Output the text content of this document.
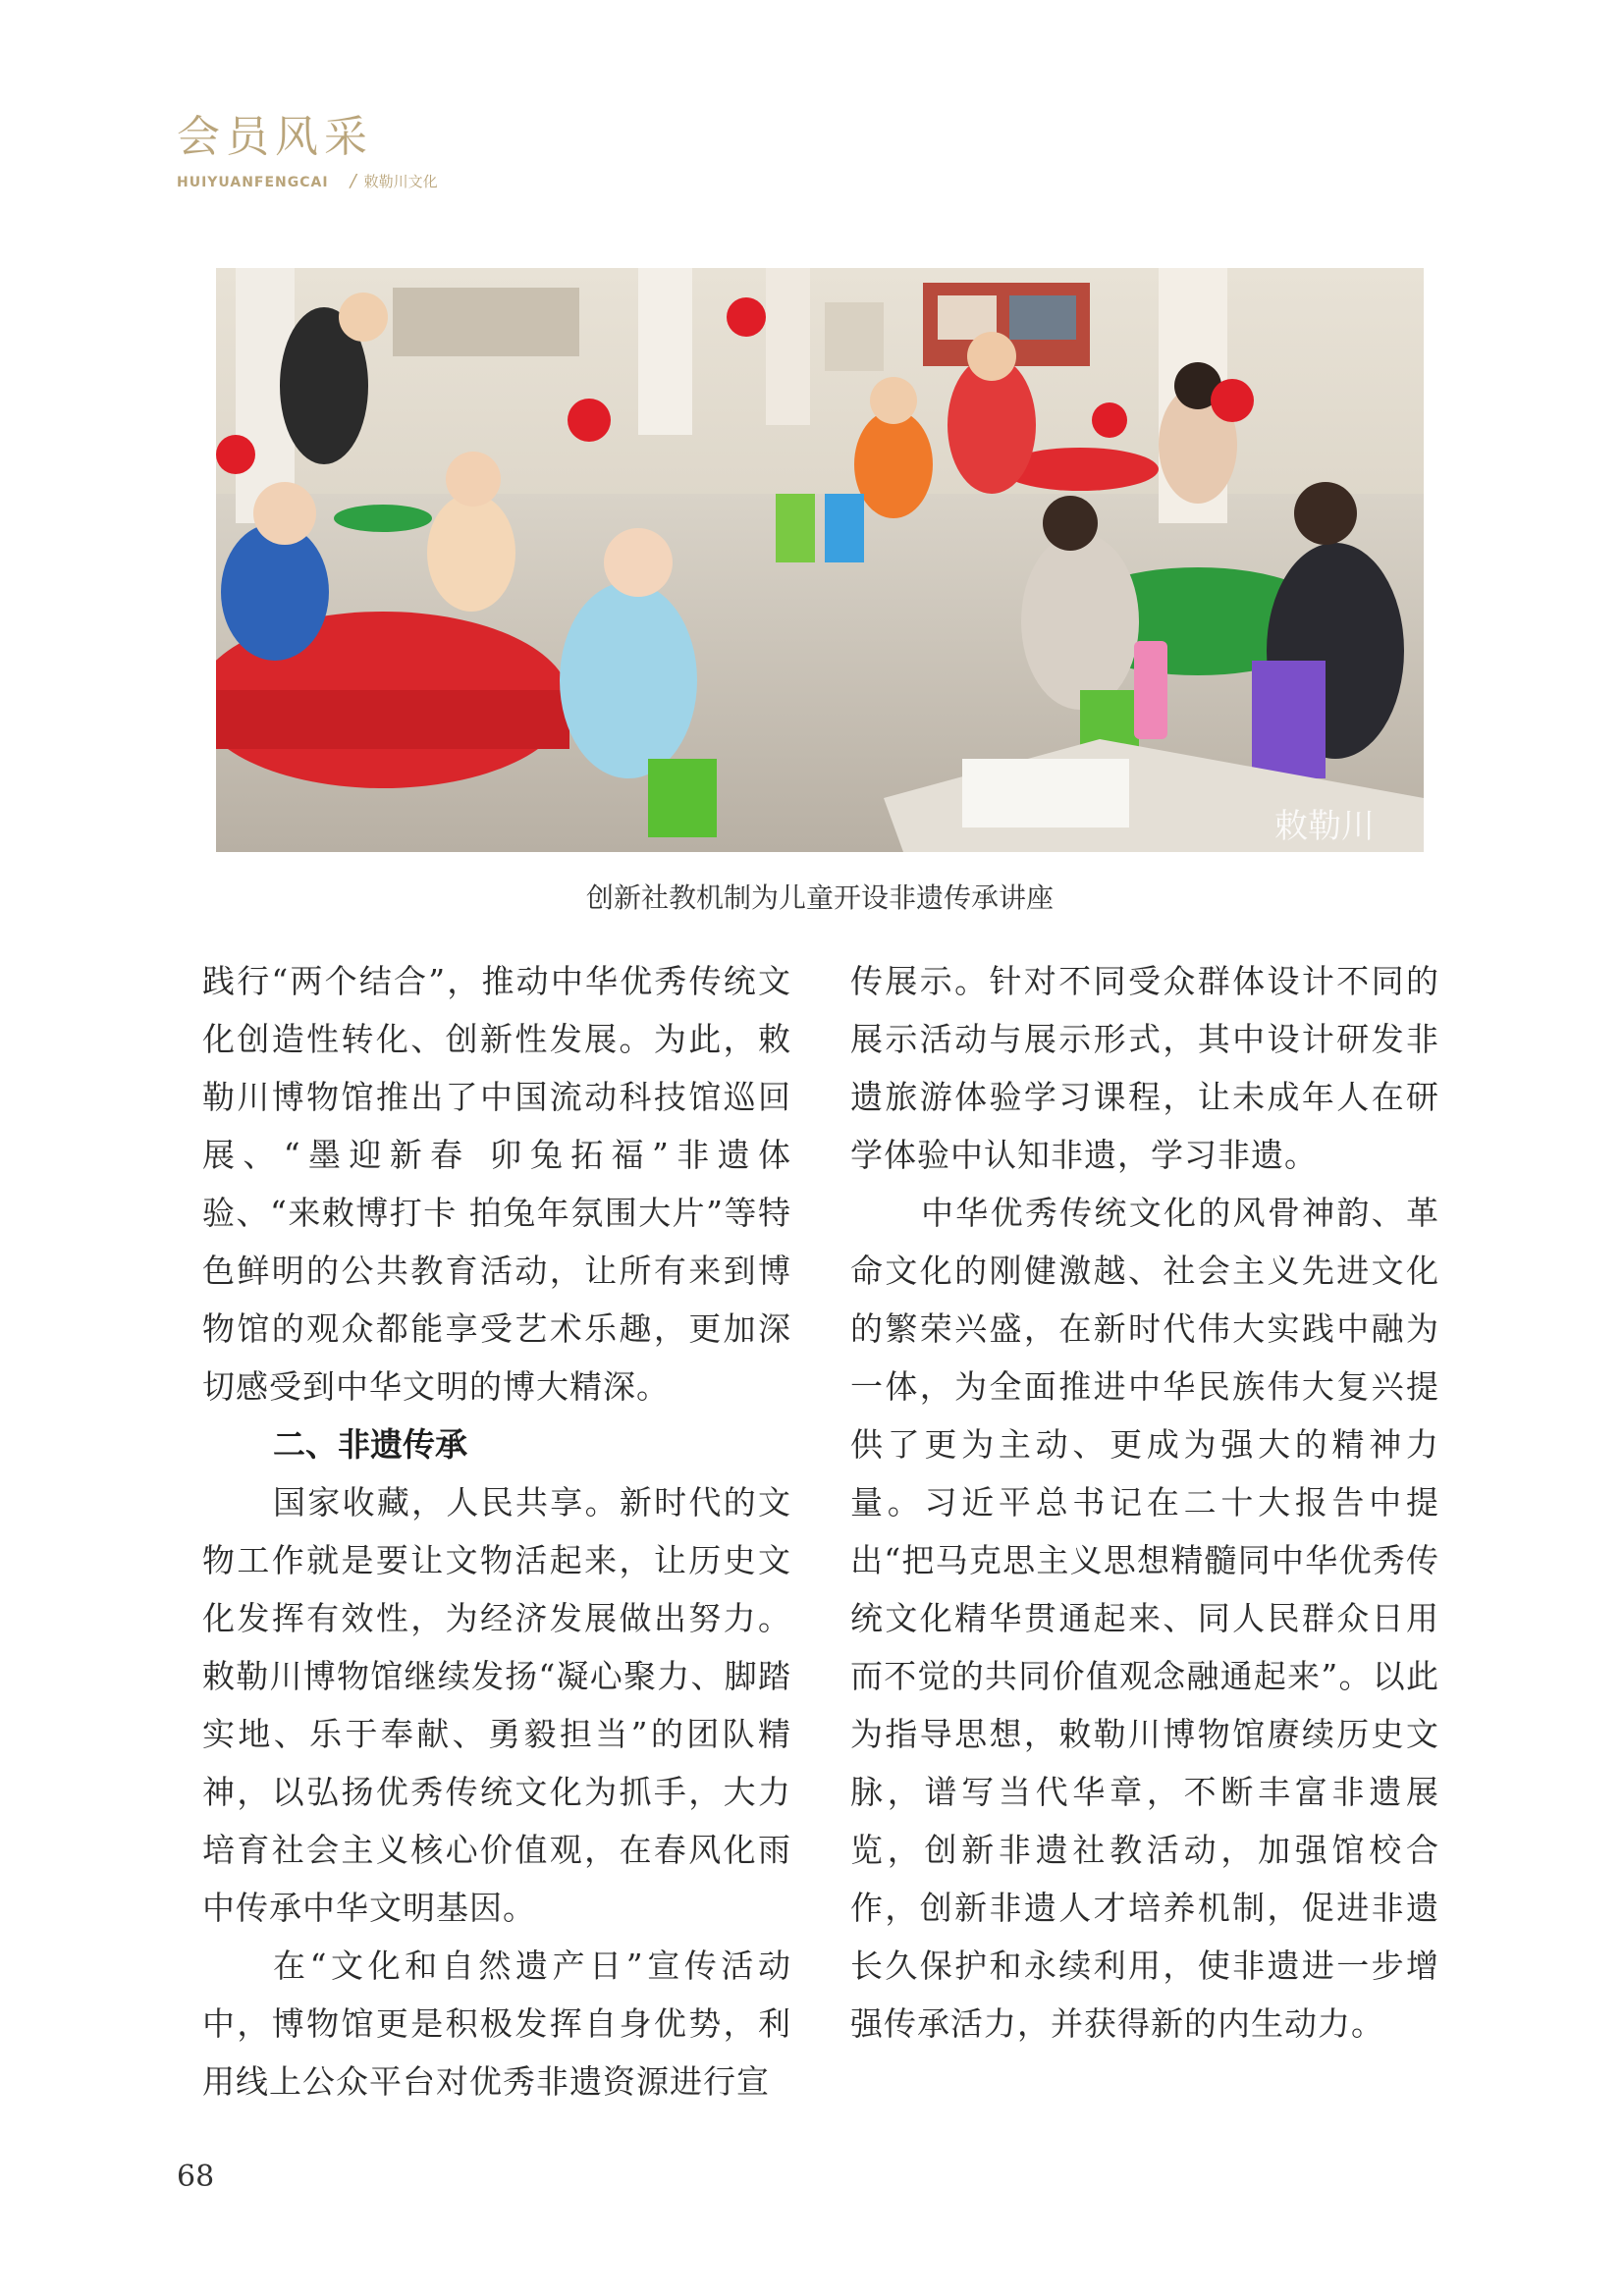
会员风采
HUIYUANFENGCAI / 敕勒川文化
敕勒川
创新社教机制为儿童开设非遗传承讲座

践行“两个结合”，推动中华优秀传统文化创造性转化、创新性发展。为此，敕勒川博物馆推出了中国流动科技馆巡回展、“墨迎新春 卯兔拓福”非遗体验、“来敕博打卡 拍兔年氛围大片”等特色鲜明的公共教育活动，让所有来到博物馆的观众都能享受艺术乐趣，更加深切感受到中华文明的博大精深。

二、非遗传承

国家收藏，人民共享。新时代的文物工作就是要让文物活起来，让历史文化发挥有效性，为经济发展做出努力。敕勒川博物馆继续发扬“凝心聚力、脚踏实地、乐于奉献、勇毅担当”的团队精神，以弘扬优秀传统文化为抓手，大力培育社会主义核心价值观，在春风化雨中传承中华文明基因。

在“文化和自然遗产日”宣传活动中，博物馆更是积极发挥自身优势，利用线上公众平台对优秀非遗资源进行宣

传展示。针对不同受众群体设计不同的展示活动与展示形式，其中设计研发非遗旅游体验学习课程，让未成年人在研学体验中认知非遗，学习非遗。

中华优秀传统文化的风骨神韵、革命文化的刚健激越、社会主义先进文化的繁荣兴盛，在新时代伟大实践中融为一体，为全面推进中华民族伟大复兴提供了更为主动、更成为强大的精神力量。习近平总书记在二十大报告中提出“把马克思主义思想精髓同中华优秀传统文化精华贯通起来、同人民群众日用而不觉的共同价值观念融通起来”。以此为指导思想，敕勒川博物馆赓续历史文脉，谱写当代华章，不断丰富非遗展览，创新非遗社教活动，加强馆校合作，创新非遗人才培养机制，促进非遗长久保护和永续利用，使非遗进一步增强传承活力，并获得新的内生动力。

68
